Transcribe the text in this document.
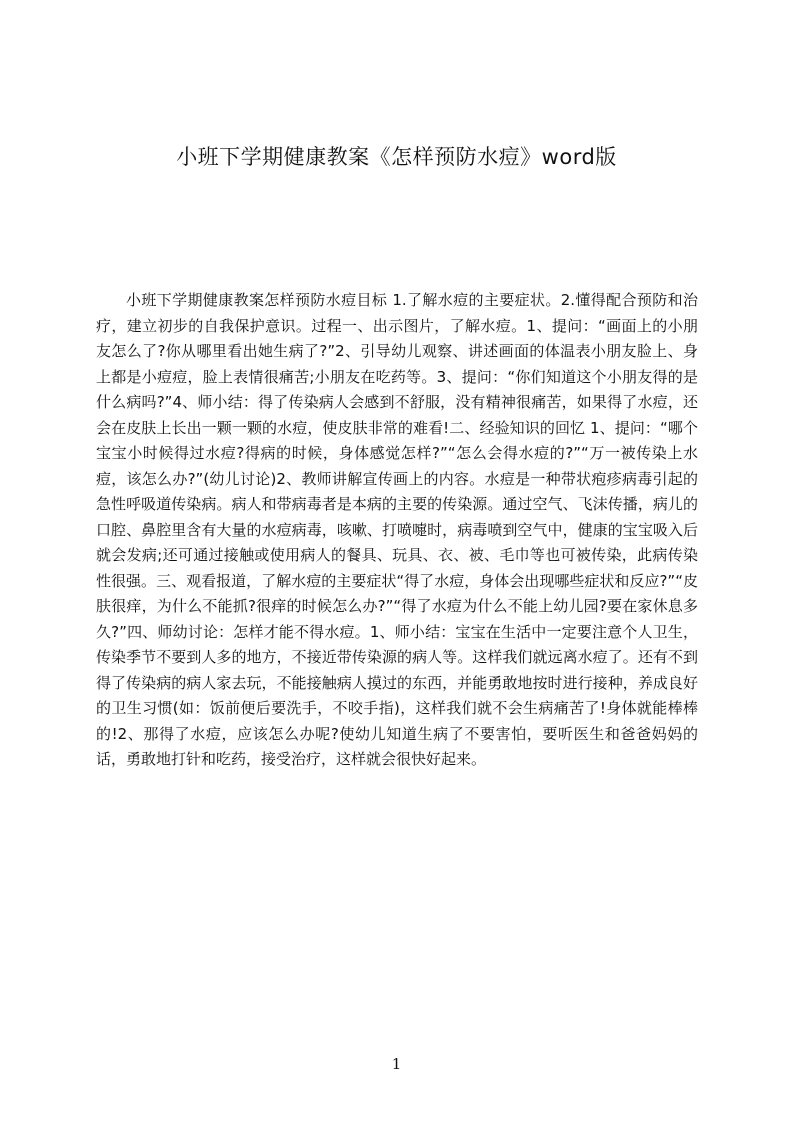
小班下学期健康教案《怎样预防水痘》word版

小班下学期健康教案怎样预防水痘目标 1.了解水痘的主要症状。2.懂得配合预防和治疗，建立初步的自我保护意识。过程一、出示图片，了解水痘。1、提问：“画面上的小朋友怎么了?你从哪里看出她生病了?”2、引导幼儿观察、讲述画面的体温表小朋友脸上、身上都是小痘痘，脸上表情很痛苦;小朋友在吃药等。3、提问：“你们知道这个小朋友得的是什么病吗?”4、师小结：得了传染病人会感到不舒服，没有精神很痛苦，如果得了水痘，还会在皮肤上长出一颗一颗的水痘，使皮肤非常的难看!二、经验知识的回忆 1、提问：“哪个宝宝小时候得过水痘?得病的时候，身体感觉怎样?”“怎么会得水痘的?”“万一被传染上水痘，该怎么办?”(幼儿讨论)2、教师讲解宣传画上的内容。水痘是一种带状疱疹病毒引起的急性呼吸道传染病。病人和带病毒者是本病的主要的传染源。通过空气、飞沫传播，病儿的口腔、鼻腔里含有大量的水痘病毒，咳嗽、打喷嚏时，病毒喷到空气中，健康的宝宝吸入后就会发病;还可通过接触或使用病人的餐具、玩具、衣、被、毛巾等也可被传染，此病传染性很强。三、观看报道，了解水痘的主要症状“得了水痘，身体会出现哪些症状和反应?”“皮肤很痒，为什么不能抓?很痒的时候怎么办?”“得了水痘为什么不能上幼儿园?要在家休息多久?”四、师幼讨论：怎样才能不得水痘。1、师小结：宝宝在生活中一定要注意个人卫生，传染季节不要到人多的地方，不接近带传染源的病人等。这样我们就远离水痘了。还有不到得了传染病的病人家去玩，不能接触病人摸过的东西，并能勇敢地按时进行接种，养成良好的卫生习惯(如：饭前便后要洗手，不咬手指)，这样我们就不会生病痛苦了!身体就能棒棒的!2、那得了水痘，应该怎么办呢?使幼儿知道生病了不要害怕，要听医生和爸爸妈妈的话，勇敢地打针和吃药，接受治疗，这样就会很快好起来。

1
